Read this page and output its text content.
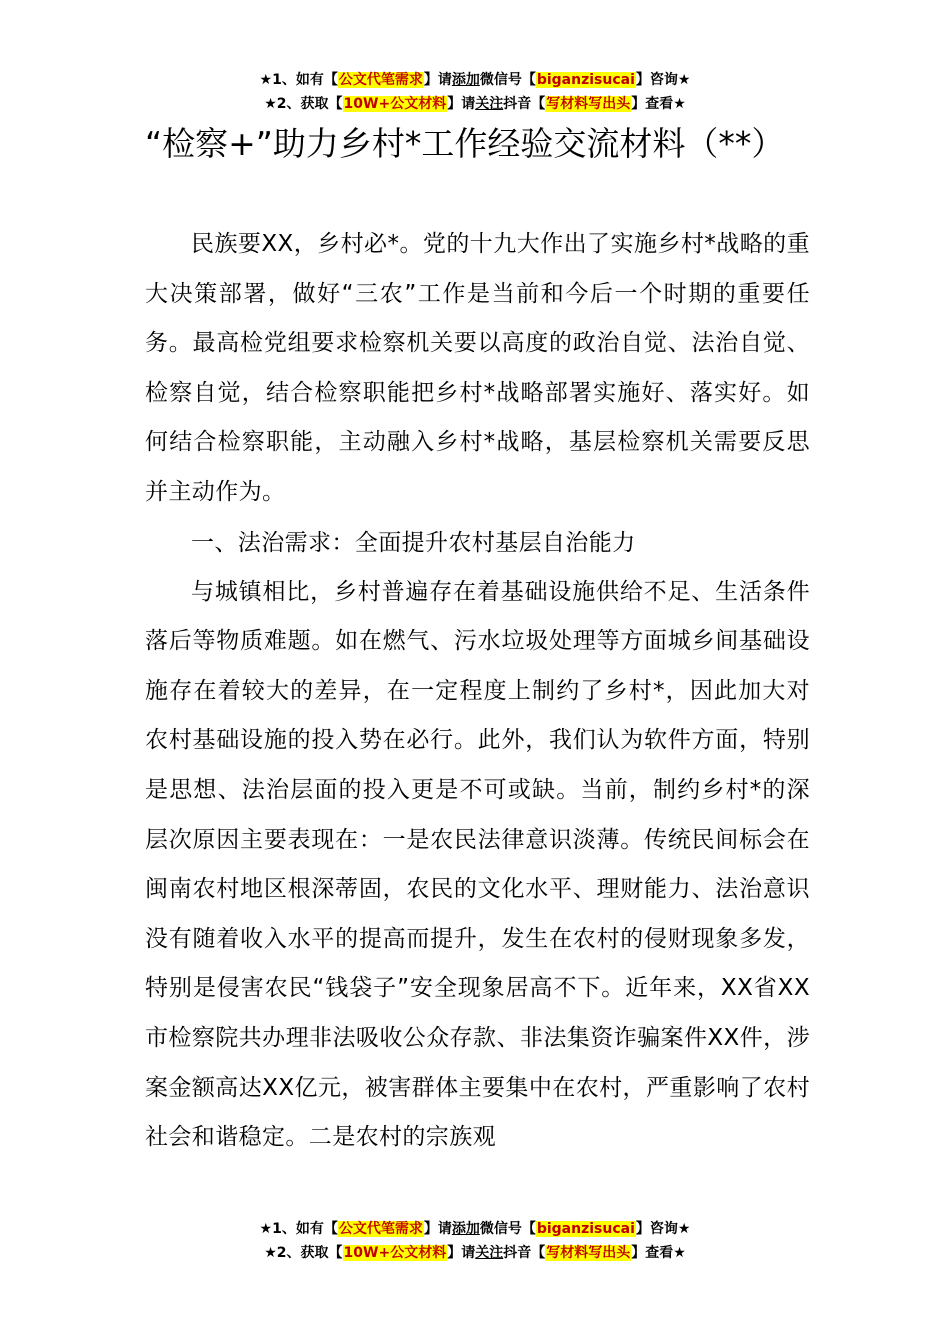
★1、如有【公文代笔需求】请添加微信号【biganzisucai】咨询★
★2、获取【10W+公文材料】请关注抖音【写材料写出头】查看★
“检察+”助力乡村*工作经验交流材料（**）

民族要XX，乡村必*。党的十九大作出了实施乡村*战略的重大决策部署，做好“三农”工作是当前和今后一个时期的重要任务。最高检党组要求检察机关要以高度的政治自觉、法治自觉、检察自觉，结合检察职能把乡村*战略部署实施好、落实好。如何结合检察职能，主动融入乡村*战略，基层检察机关需要反思并主动作为。

一、法治需求：全面提升农村基层自治能力

与城镇相比，乡村普遍存在着基础设施供给不足、生活条件落后等物质难题。如在燃气、污水垃圾处理等方面城乡间基础设施存在着较大的差异，在一定程度上制约了乡村*，因此加大对农村基础设施的投入势在必行。此外，我们认为软件方面，特别是思想、法治层面的投入更是不可或缺。当前，制约乡村*的深层次原因主要表现在：一是农民法律意识淡薄。传统民间标会在闽南农村地区根深蒂固，农民的文化水平、理财能力、法治意识没有随着收入水平的提高而提升，发生在农村的侵财现象多发，特别是侵害农民“钱袋子”安全现象居高不下。近年来，XX省XX市检察院共办理非法吸收公众存款、非法集资诈骗案件XX件，涉案金额高达XX亿元，被害群体主要集中在农村，严重影响了农村社会和谐稳定。二是农村的宗族观

★1、如有【公文代笔需求】请添加微信号【biganzisucai】咨询★
★2、获取【10W+公文材料】请关注抖音【写材料写出头】查看★
